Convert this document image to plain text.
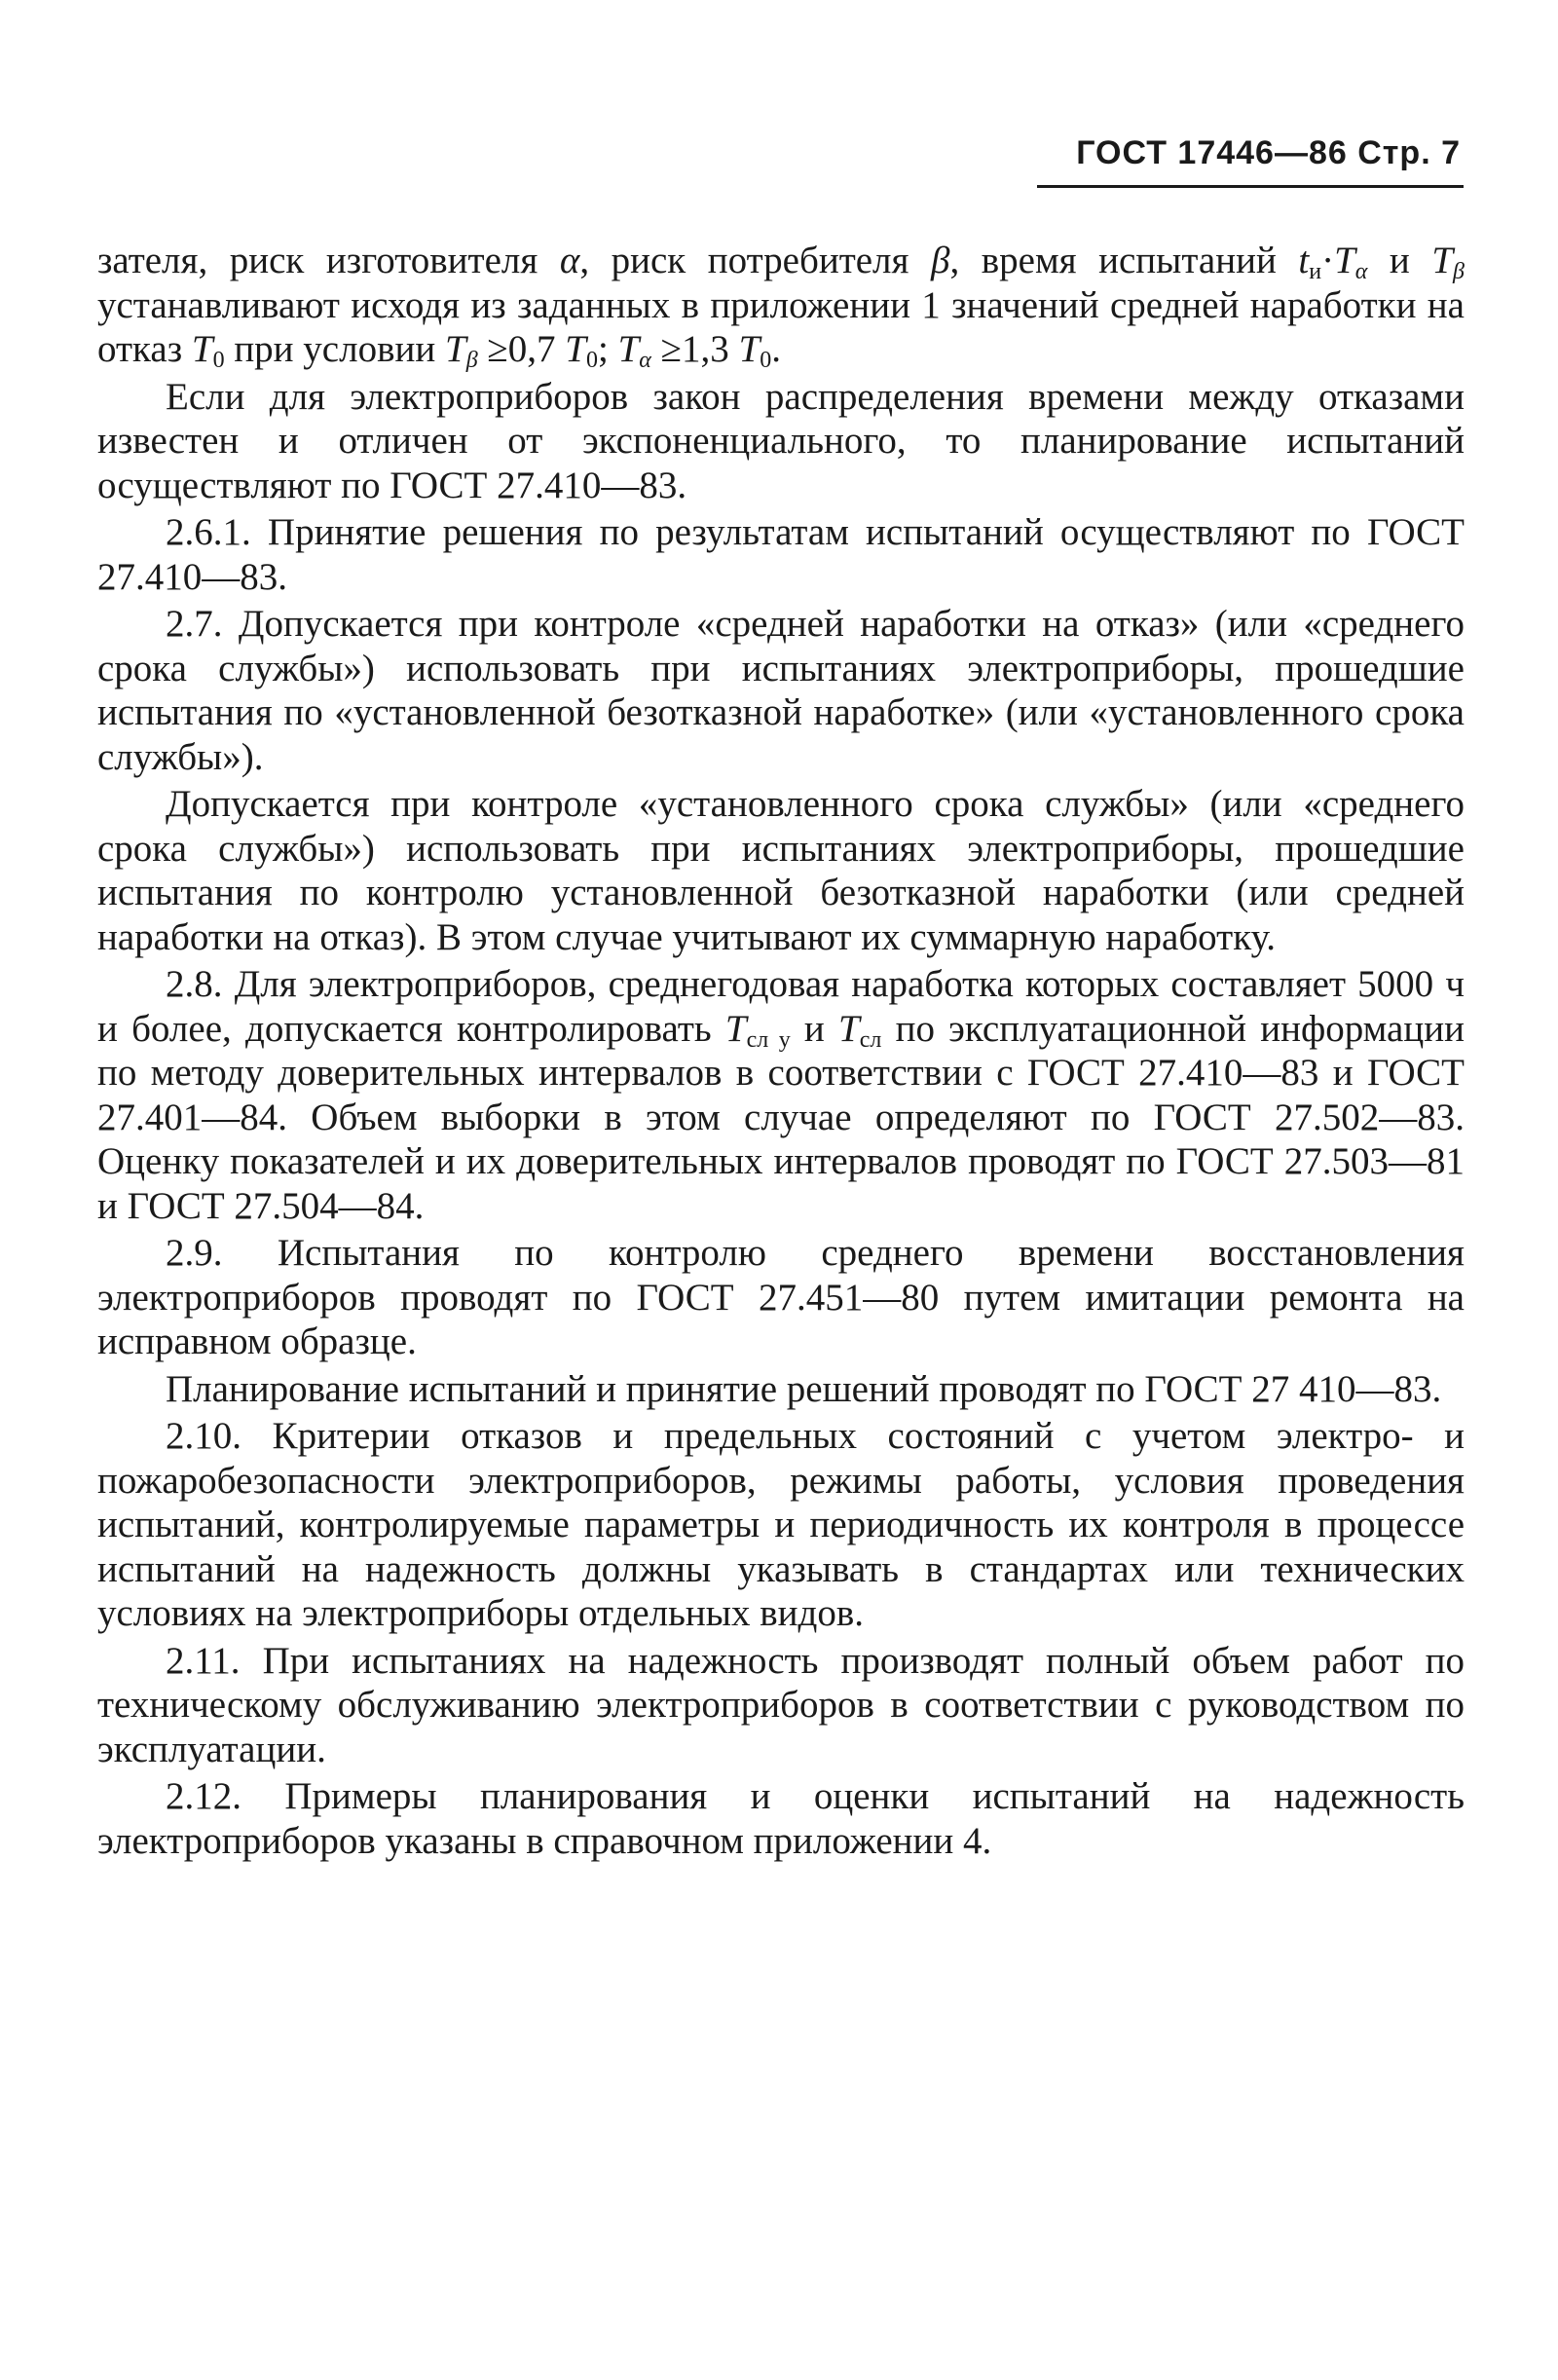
ГОСТ 17446—86 Стр. 7

зателя, риск изготовителя α, риск потребителя β, время испытаний $t_и\cdot T_\alpha$ и $T_\beta$ устанавливают исходя из заданных в приложении 1 значений средней наработки на отказ $T_0$ при условии $T_\beta \ge 0,7$ $T_0$; $T_\alpha \ge 1,3$ $T_0$.

Если для электроприборов закон распределения времени между отказами известен и отличен от экспоненциального, то планирование испытаний осуществляют по ГОСТ 27.410—83.

2.6.1. Принятие решения по результатам испытаний осуществляют по ГОСТ 27.410—83.

2.7. Допускается при контроле «средней наработки на отказ» (или «среднего срока службы») использовать при испытаниях электроприборы, прошедшие испытания по «установленной безотказной наработке» (или «установленного срока службы»).

Допускается при контроле «установленного срока службы» (или «среднего срока службы») использовать при испытаниях электроприборы, прошедшие испытания по контролю установленной безотказной наработки (или средней наработки на отказ). В этом случае учитывают их суммарную наработку.

2.8. Для электроприборов, среднегодовая наработка которых составляет 5000 ч и более, допускается контролировать $T_{сл у}$ и $T_{сл}$ по эксплуатационной информации по методу доверительных интервалов в соответствии с ГОСТ 27.410—83 и ГОСТ 27.401—84. Объем выборки в этом случае определяют по ГОСТ 27.502—83. Оценку показателей и их доверительных интервалов проводят по ГОСТ 27.503—81 и ГОСТ 27.504—84.

2.9. Испытания по контролю среднего времени восстановления электроприборов проводят по ГОСТ 27.451—80 путем имитации ремонта на исправном образце.

Планирование испытаний и принятие решений проводят по ГОСТ 27 410—83.

2.10. Критерии отказов и предельных состояний с учетом электро- и пожаробезопасности электроприборов, режимы работы, условия проведения испытаний, контролируемые параметры и периодичность их контроля в процессе испытаний на надежность должны указывать в стандартах или технических условиях на электроприборы отдельных видов.

2.11. При испытаниях на надежность производят полный объем работ по техническому обслуживанию электроприборов в соответствии с руководством по эксплуатации.

2.12. Примеры планирования и оценки испытаний на надежность электроприборов указаны в справочном приложении 4.
